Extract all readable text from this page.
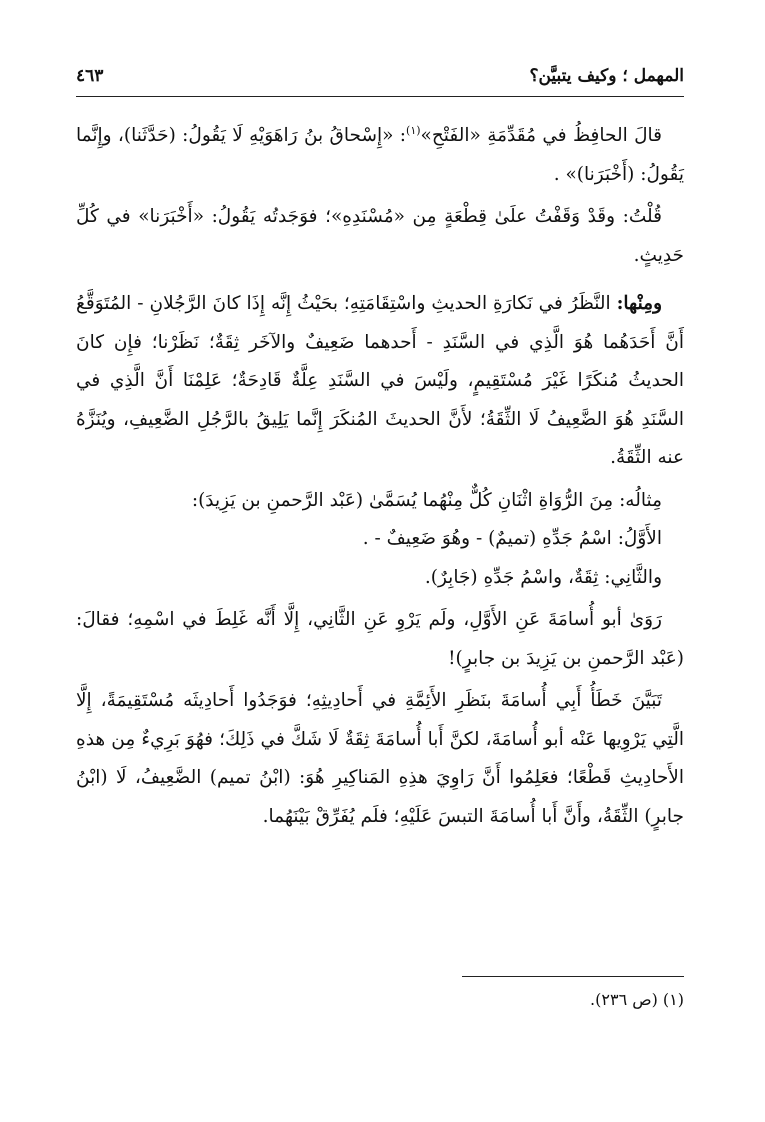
المهمل ؛ وكيف يتبيَّن؟
٤٦٣

قالَ الحافِظُ في مُقَدِّمَةِ «الفَتْحِ»$^{(١)}$: «إِسْحاقُ بنُ رَاهَوَيْهِ لَا يَقُولُ: (حَدَّثَنا)، وإِنَّما يَقُولُ: (أَخْبَرَنا)» .

قُلْتُ: وقَدْ وَقَفْتُ علَىٰ قِطْعَةٍ مِن «مُسْنَدِهِ»؛ فوَجَدتُه يَقُولُ: «أَخْبَرَنا» في كُلِّ حَدِيثٍ.

ومِنْها: النَّظَرُ في نَكارَةِ الحديثِ واسْتِقَامَتِهِ؛ بحَيْثُ إِنَّه إِذَا كانَ الرَّجُلانِ - المُتَوَقَّعُ أَنَّ أَحَدَهُما هُوَ الَّذِي في السَّنَدِ - أَحدهما ضَعِيفٌ والآخَر ثِقَةٌ؛ نَظَرْنا؛ فإِن كانَ الحديثُ مُنكَرًا غَيْرَ مُسْتَقِيمٍ، ولَيْسَ في السَّنَدِ عِلَّةٌ قَادِحَةٌ؛ عَلِمْنَا أَنَّ الَّذِي في السَّنَدِ هُوَ الضَّعِيفُ لَا الثِّقَةُ؛ لأَنَّ الحديثَ المُنكَرَ إِنَّما يَلِيقُ بالرَّجُلِ الضَّعِيفِ، ويُنَزَّهُ عنه الثِّقَةُ.

مِثالُه: مِنَ الرُّوَاةِ اثْنَانِ كُلٌّ مِنْهُما يُسَمَّىٰ (عَبْد الرَّحمنِ بن يَزِيدَ):

الأَوَّلُ: اسْمُ جَدِّهِ (تميمٌ) - وهُوَ ضَعِيفٌ - .

والثَّانِي: ثِقَةٌ، واسْمُ جَدِّهِ (جَابِرٌ).

رَوَىٰ أبو أُسامَةَ عَنِ الأَوَّلِ، ولَم يَرْوِ عَنِ الثَّانِي، إِلَّا أَنَّه غَلِطَ في اسْمِهِ؛ فقالَ: (عَبْد الرَّحمنِ بن يَزِيدَ بن جابرٍ)!

تَبَيَّنَ خَطَأُ أَبِي أُسامَةَ بنَظَرِ الأَئِمَّةِ في أَحادِيثِهِ؛ فوَجَدُوا أَحادِيثَه مُسْتَقِيمَةً، إِلَّا الَّتِي يَرْوِيها عَنْه أبو أُسامَةَ، لكنَّ أَبا أُسامَةَ ثِقَةٌ لَا شَكَّ في ذَلِكَ؛ فهُوَ بَرِيءٌ مِن هذهِ الأَحادِيثِ قَطْعًا؛ فعَلِمُوا أَنَّ رَاوِيَ هذِهِ المَناكِيرِ هُوَ: (ابْنُ تميم) الضَّعِيفُ، لَا (ابْنُ جابرٍ) الثِّقَةُ، وأَنَّ أَبا أُسامَةَ التبسَ عَلَيْهِ؛ فلَم يُفَرِّقْ بَيْنَهُما.

(١) (ص ٢٣٦).
